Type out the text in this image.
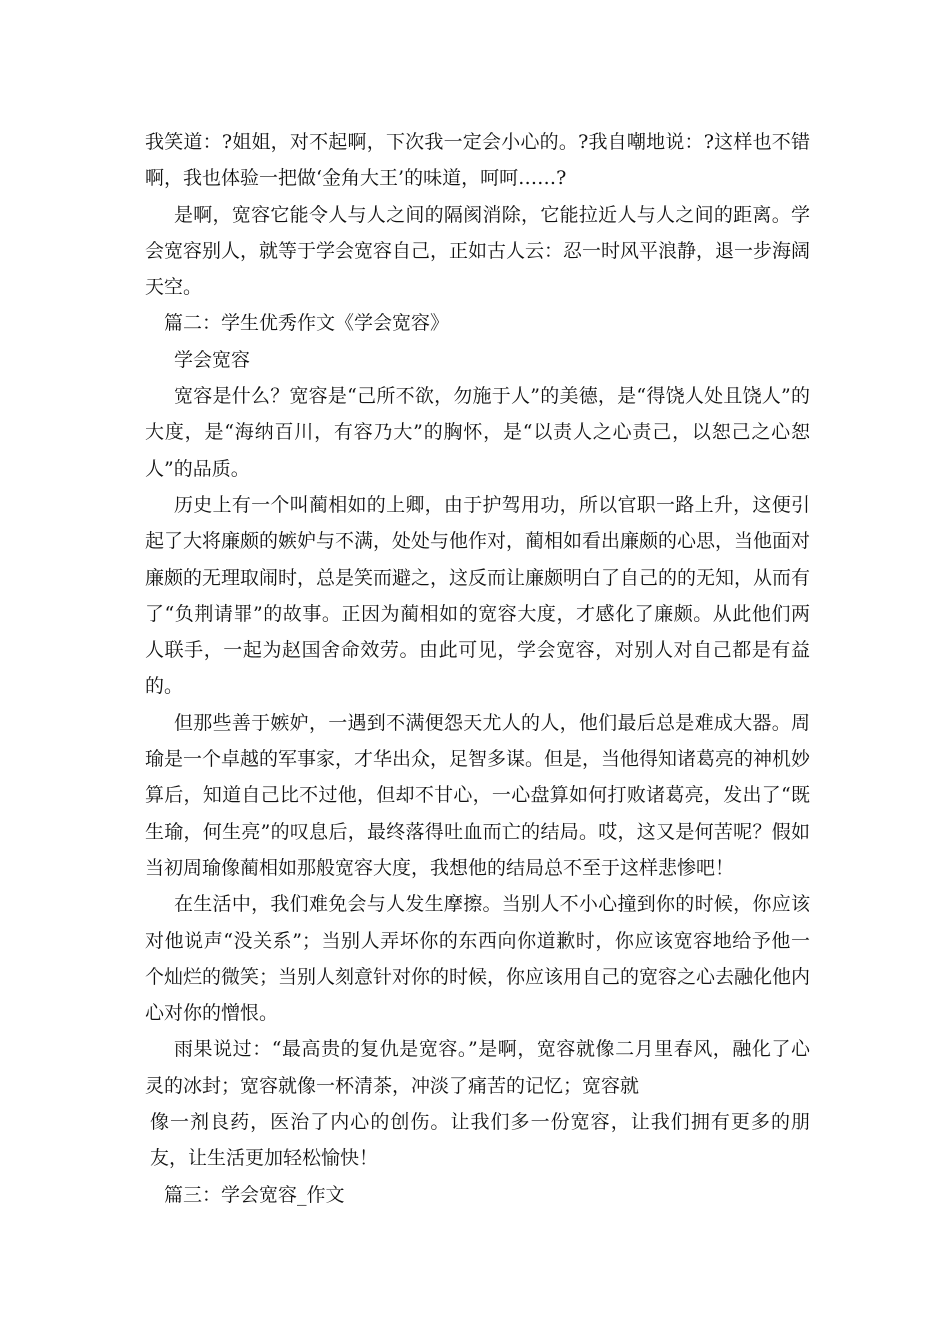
我笑道：?姐姐，对不起啊，下次我一定会小心的。?我自嘲地说：?这样也不错啊，我也体验一把做‘金角大王’的味道，呵呵……?

是啊，宽容它能令人与人之间的隔阂消除，它能拉近人与人之间的距离。学会宽容别人，就等于学会宽容自己，正如古人云：忍一时风平浪静，退一步海阔天空。

篇二：学生优秀作文《学会宽容》

学会宽容

宽容是什么？宽容是“己所不欲，勿施于人”的美德，是“得饶人处且饶人”的大度，是“海纳百川，有容乃大”的胸怀，是“以责人之心责己，以恕己之心恕人”的品质。

历史上有一个叫蔺相如的上卿，由于护驾用功，所以官职一路上升，这便引起了大将廉颇的嫉妒与不满，处处与他作对，蔺相如看出廉颇的心思，当他面对廉颇的无理取闹时，总是笑而避之，这反而让廉颇明白了自己的的无知，从而有了“负荆请罪”的故事。正因为蔺相如的宽容大度，才感化了廉颇。从此他们两人联手，一起为赵国舍命效劳。由此可见，学会宽容，对别人对自己都是有益的。

但那些善于嫉妒，一遇到不满便怨天尤人的人，他们最后总是难成大器。周瑜是一个卓越的军事家，才华出众，足智多谋。但是，当他得知诸葛亮的神机妙算后，知道自己比不过他，但却不甘心，一心盘算如何打败诸葛亮，发出了“既生瑜，何生亮”的叹息后，最终落得吐血而亡的结局。哎，这又是何苦呢？假如当初周瑜像蔺相如那般宽容大度，我想他的结局总不至于这样悲惨吧！

在生活中，我们难免会与人发生摩擦。当别人不小心撞到你的时候，你应该对他说声“没关系”；当别人弄坏你的东西向你道歉时，你应该宽容地给予他一个灿烂的微笑；当别人刻意针对你的时候，你应该用自己的宽容之心去融化他内心对你的憎恨。

雨果说过：“最高贵的复仇是宽容。”是啊，宽容就像二月里春风，融化了心灵的冰封；宽容就像一杯清茶，冲淡了痛苦的记忆；宽容就

像一剂良药，医治了内心的创伤。让我们多一份宽容，让我们拥有更多的朋友，让生活更加轻松愉快！

篇三：学会宽容_作文
